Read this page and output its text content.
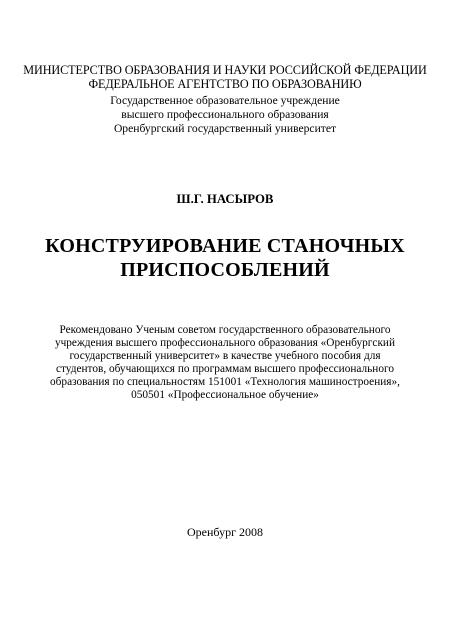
МИНИСТЕРСТВО ОБРАЗОВАНИЯ И НАУКИ РОССИЙСКОЙ ФЕДЕРАЦИИ
ФЕДЕРАЛЬНОЕ АГЕНТСТВО ПО ОБРАЗОВАНИЮ
Государственное образовательное учреждение
высшего профессионального образования
Оренбургский государственный университет
Ш.Г. НАСЫРОВ
КОНСТРУИРОВАНИЕ СТАНОЧНЫХ
ПРИСПОСОБЛЕНИЙ
Рекомендовано Ученым советом государственного образовательного
учреждения высшего профессионального образования «Оренбургский
государственный университет» в качестве учебного пособия для
студентов, обучающихся по программам высшего профессионального
образования по специальностям 151001 «Технология машиностроения»,
050501 «Профессиональное обучение»
Оренбург 2008
